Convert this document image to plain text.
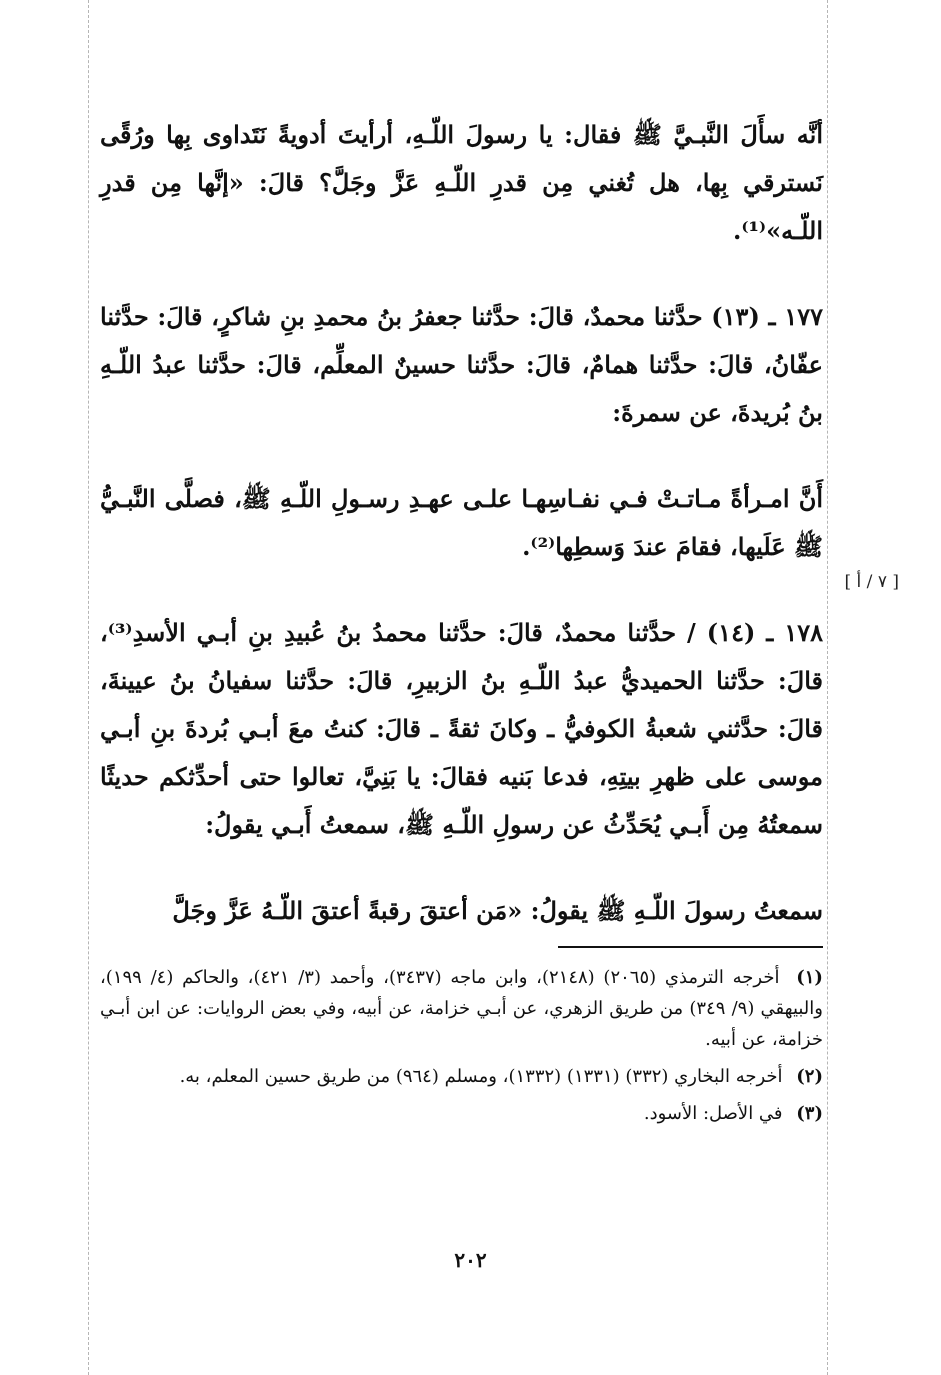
أنَّه سأَلَ النَّبـيَّ ﷺ فقال: يا رسولَ اللّـهِ، أرأيتَ أدويةً نَتَداوى بِها ورُقًى نَسترقي بِها، هل تُغني مِن قدرِ اللّـهِ عَزَّ وجَلَّ؟ قالَ: «إنَّها مِن قدرِ اللّـه»⁽¹⁾.

١٧٧ ـ (١٣) حدَّثنا محمدٌ، قالَ: حدَّثنا جعفرُ بنُ محمدِ بنِ شاكرٍ، قالَ: حدَّثنا عفّانُ، قالَ: حدَّثنا همامٌ، قالَ: حدَّثنا حسينٌ المعلِّم، قالَ: حدَّثنا عبدُ اللّـهِ بنُ بُريدةَ، عن سمرةَ:

أَنَّ امـرأةً مـاتـتْ فـي نفـاسِهـا علـى عهـدِ رسـولِ اللّـهِ ﷺ، فصلَّى النَّبـيُّ ﷺ عَلَيها، فقامَ عندَ وَسطِها⁽²⁾.

١٧٨ ـ (١٤) / حدَّثنا محمدٌ، قالَ: حدَّثنا محمدُ بنُ عُبيدِ بنِ أبـي الأسدِ⁽³⁾، قالَ: حدَّثنا الحميديُّ عبدُ اللّـهِ بنُ الزبيرِ، قالَ: حدَّثنا سفيانُ بنُ عيينةَ، قالَ: حدَّثني شعبةُ الكوفيُّ ـ وكانَ ثقةً ـ قالَ: كنتُ معَ أبـي بُردةَ بنِ أبـي موسى على ظهرِ بيتِهِ، فدعا بَنيه فقالَ: يا بَنِيَّ، تعالوا حتى أحدِّثكم حديثًا سمعتُهُ مِن أَبـي يُحَدِّثُ عن رسولِ اللّـهِ ﷺ، سمعتُ أَبـي يقولُ:

سمعتُ رسولَ اللّـهِ ﷺ يقولُ: «مَن أعتقَ رقبةً أعتقَ اللّـهُ عَزَّ وجَلَّ

[ ٧ / أ ]

(١) أخرجه الترمذي (٢٠٦٥) (٢١٤٨)، وابن ماجه (٣٤٣٧)، وأحمد (٣/ ٤٢١)، والحاكم (٤/ ١٩٩)، والبيهقي (٩/ ٣٤٩) من طريق الزهري، عن أبـي خزامة، عن أبيه، وفي بعض الروايات: عن ابن أبـي خزامة، عن أبيه.

(٢) أخرجه البخاري (٣٣٢) (١٣٣١) (١٣٣٢)، ومسلم (٩٦٤) من طريق حسين المعلم، به.

(٣) في الأصل: الأسود.

٢٠٢
